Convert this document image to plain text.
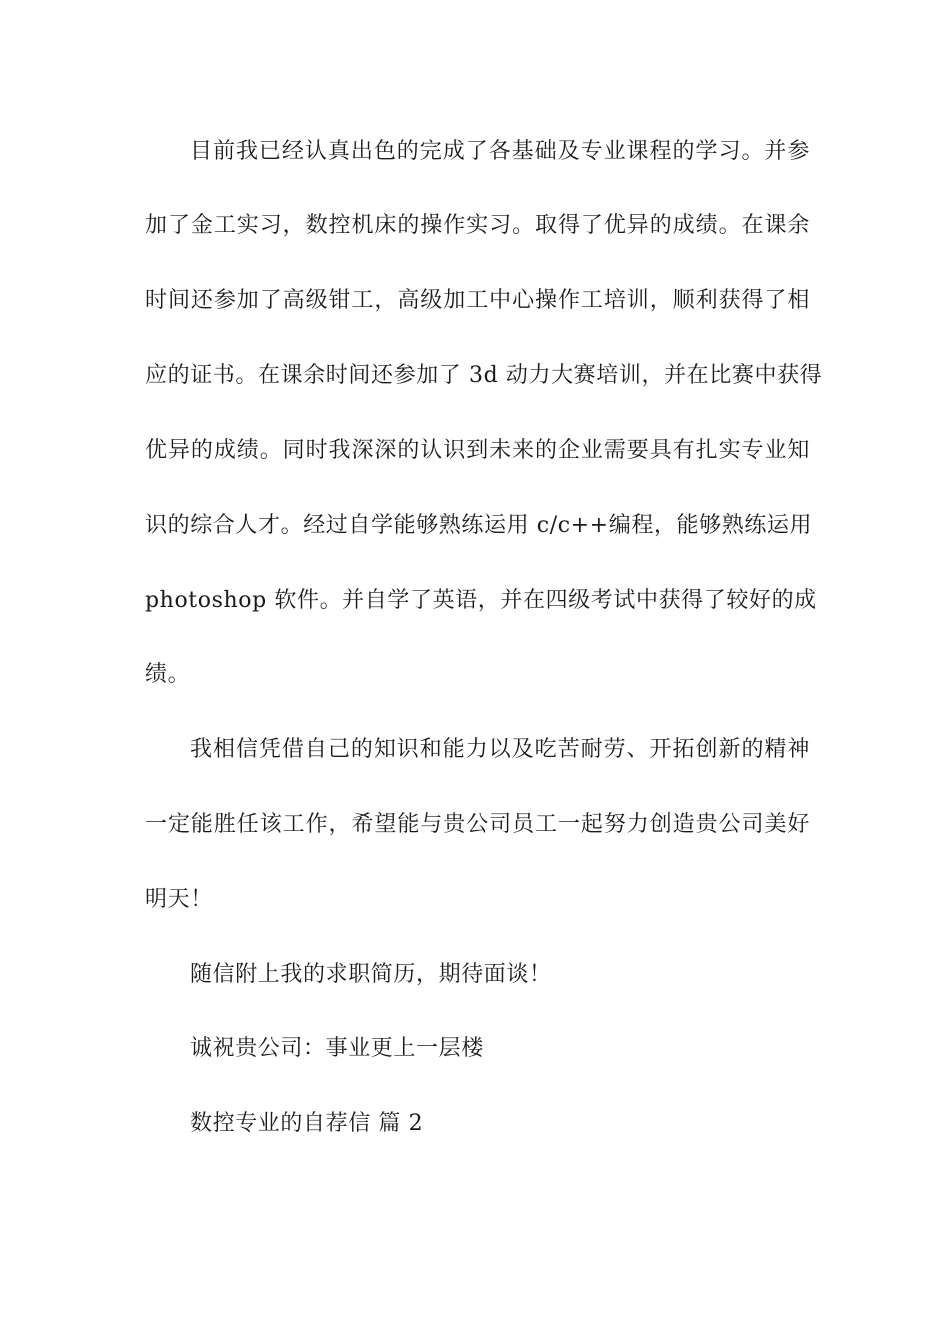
目前我已经认真出色的完成了各基础及专业课程的学习。并参
加了金工实习，数控机床的操作实习。取得了优异的成绩。在课余
时间还参加了高级钳工，高级加工中心操作工培训，顺利获得了相
应的证书。在课余时间还参加了 3d 动力大赛培训，并在比赛中获得
优异的成绩。同时我深深的认识到未来的企业需要具有扎实专业知
识的综合人才。经过自学能够熟练运用 c/c++编程，能够熟练运用
photoshop 软件。并自学了英语，并在四级考试中获得了较好的成
绩。
我相信凭借自己的知识和能力以及吃苦耐劳、开拓创新的精神
一定能胜任该工作，希望能与贵公司员工一起努力创造贵公司美好
明天！
随信附上我的求职简历，期待面谈！
诚祝贵公司：事业更上一层楼
数控专业的自荐信 篇 2
